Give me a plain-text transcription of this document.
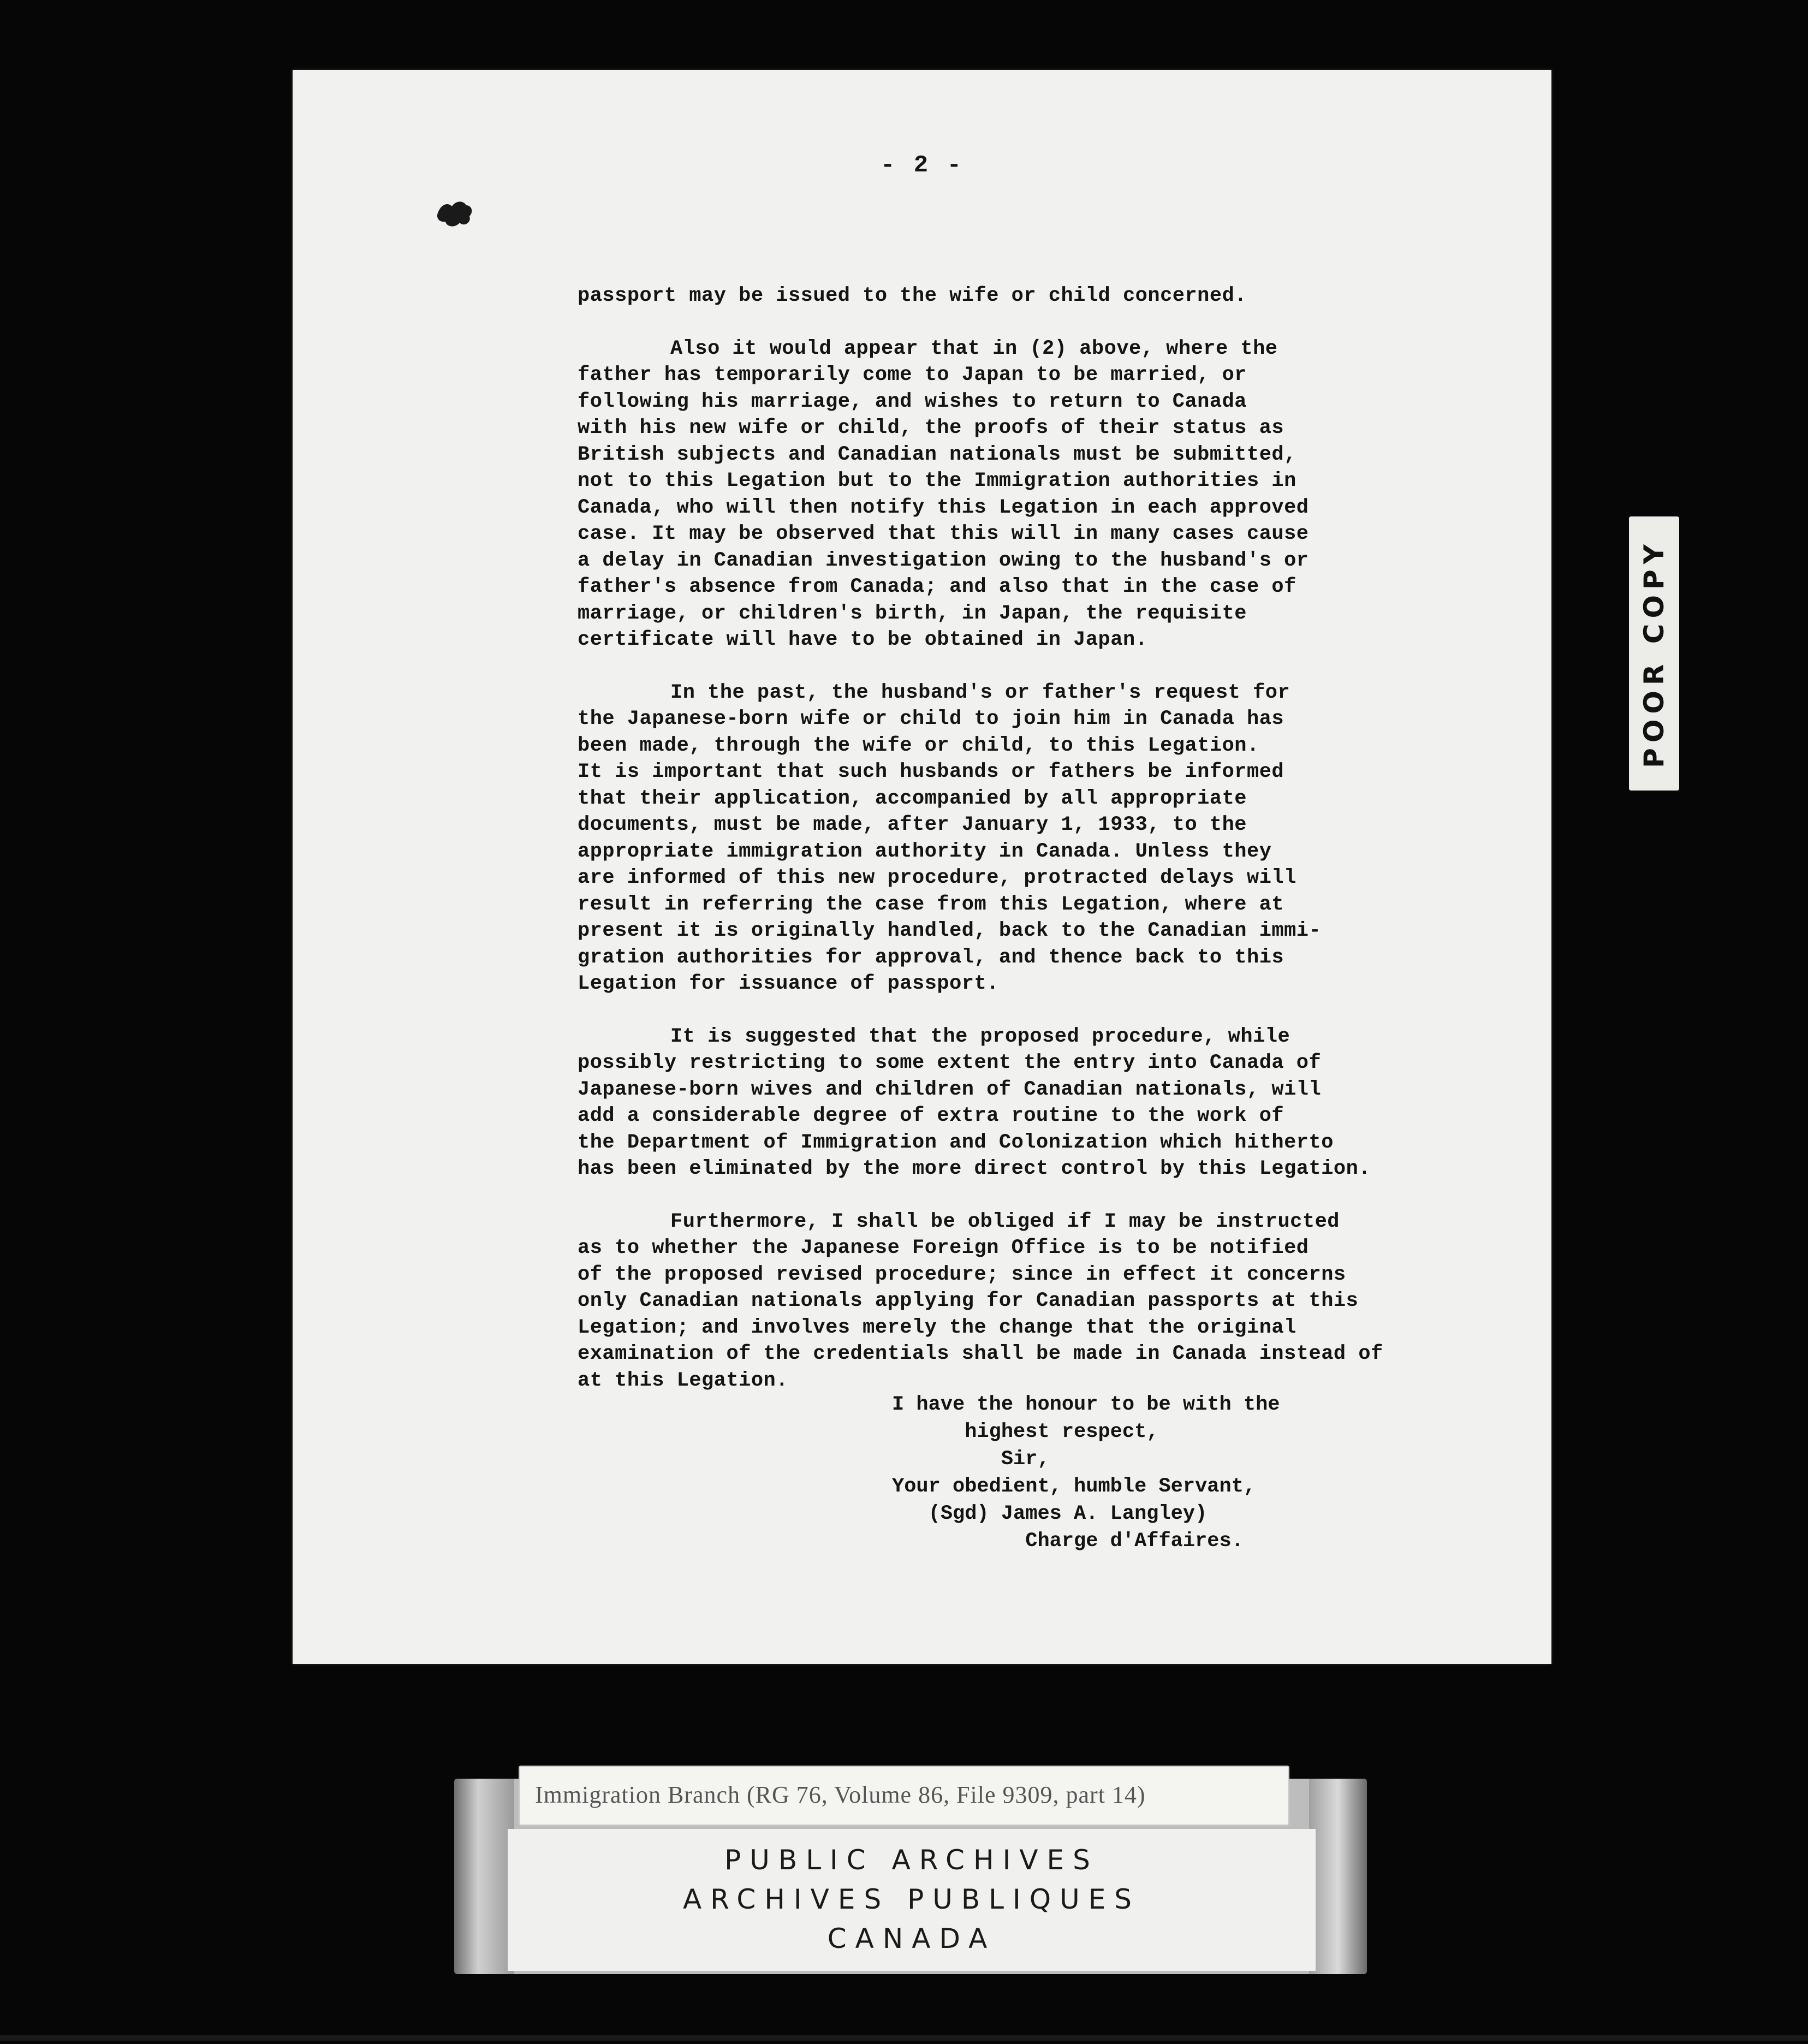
- 2 -
passport may be issued to the wife or child concerned.
Also it would appear that in (2) above, where the
father has temporarily come to Japan to be married, or
following his marriage, and wishes to return to Canada
with his new wife or child, the proofs of their status as
British subjects and Canadian nationals must be submitted,
not to this Legation but to the Immigration authorities in
Canada, who will then notify this Legation in each approved
case. It may be observed that this will in many cases cause
a delay in Canadian investigation owing to the husband's or
father's absence from Canada; and also that in the case of
marriage, or children's birth, in Japan, the requisite
certificate will have to be obtained in Japan.
In the past, the husband's or father's request for
the Japanese-born wife or child to join him in Canada has
been made, through the wife or child, to this Legation.
It is important that such husbands or fathers be informed
that their application, accompanied by all appropriate
documents, must be made, after January 1, 1933, to the
appropriate immigration authority in Canada. Unless they
are informed of this new procedure, protracted delays will
result in referring the case from this Legation, where at
present it is originally handled, back to the Canadian immi-
gration authorities for approval, and thence back to this
Legation for issuance of passport.
It is suggested that the proposed procedure, while
possibly restricting to some extent the entry into Canada of
Japanese-born wives and children of Canadian nationals, will
add a considerable degree of extra routine to the work of
the Department of Immigration and Colonization which hitherto
has been eliminated by the more direct control by this Legation.
Furthermore, I shall be obliged if I may be instructed
as to whether the Japanese Foreign Office is to be notified
of the proposed revised procedure; since in effect it concerns
only Canadian nationals applying for Canadian passports at this
Legation; and involves merely the change that the original
examination of the credentials shall be made in Canada instead of
at this Legation.
I have the honour to be with the
highest respect,
Sir,
Your obedient, humble Servant,
(Sgd) James A. Langley)
Charge d'Affaires.
POOR COPY
Immigration Branch (RG 76, Volume 86, File 9309, part 14)
PUBLIC ARCHIVES
ARCHIVES PUBLIQUES
CANADA
